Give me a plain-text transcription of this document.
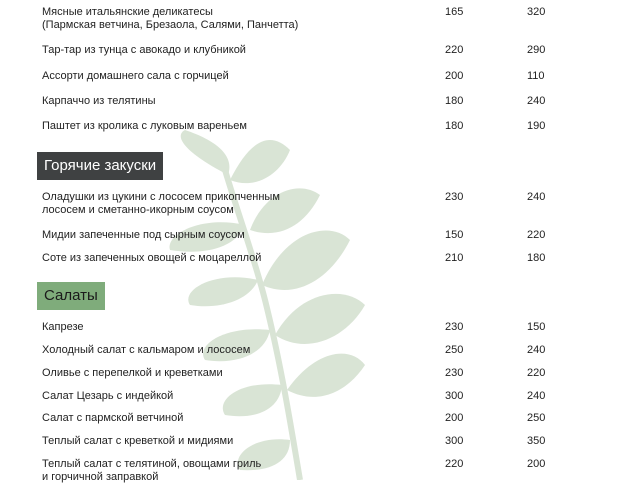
Мясные итальянские деликатесы
(Пармская ветчина, Брезаола, Салями, Панчетта)
165	320
Тар-тар из тунца с авокадо и клубникой	220	290
Ассорти домашнего сала с горчицей	200	110
Карпаччо из телятины	180	240
Паштет из кролика с луковым вареньем	180	190
Горячие закуски
Оладушки из цукини с лососем прикопченным
лососем и сметанно-икорным соусом
230	240
Мидии запеченные под сырным соусом	150	220
Соте из запеченных овощей с моцареллой	210	180
Салаты
Капрезе	230	150
Холодный салат с кальмаром и лососем	250	240
Оливье с перепелкой и креветками	230	220
Салат Цезарь с индейкой	300	240
Салат с пармской ветчиной	200	250
Теплый салат с креветкой и мидиями	300	350
Теплый салат с телятиной, овощами гриль
и горчичной заправкой
220	200
